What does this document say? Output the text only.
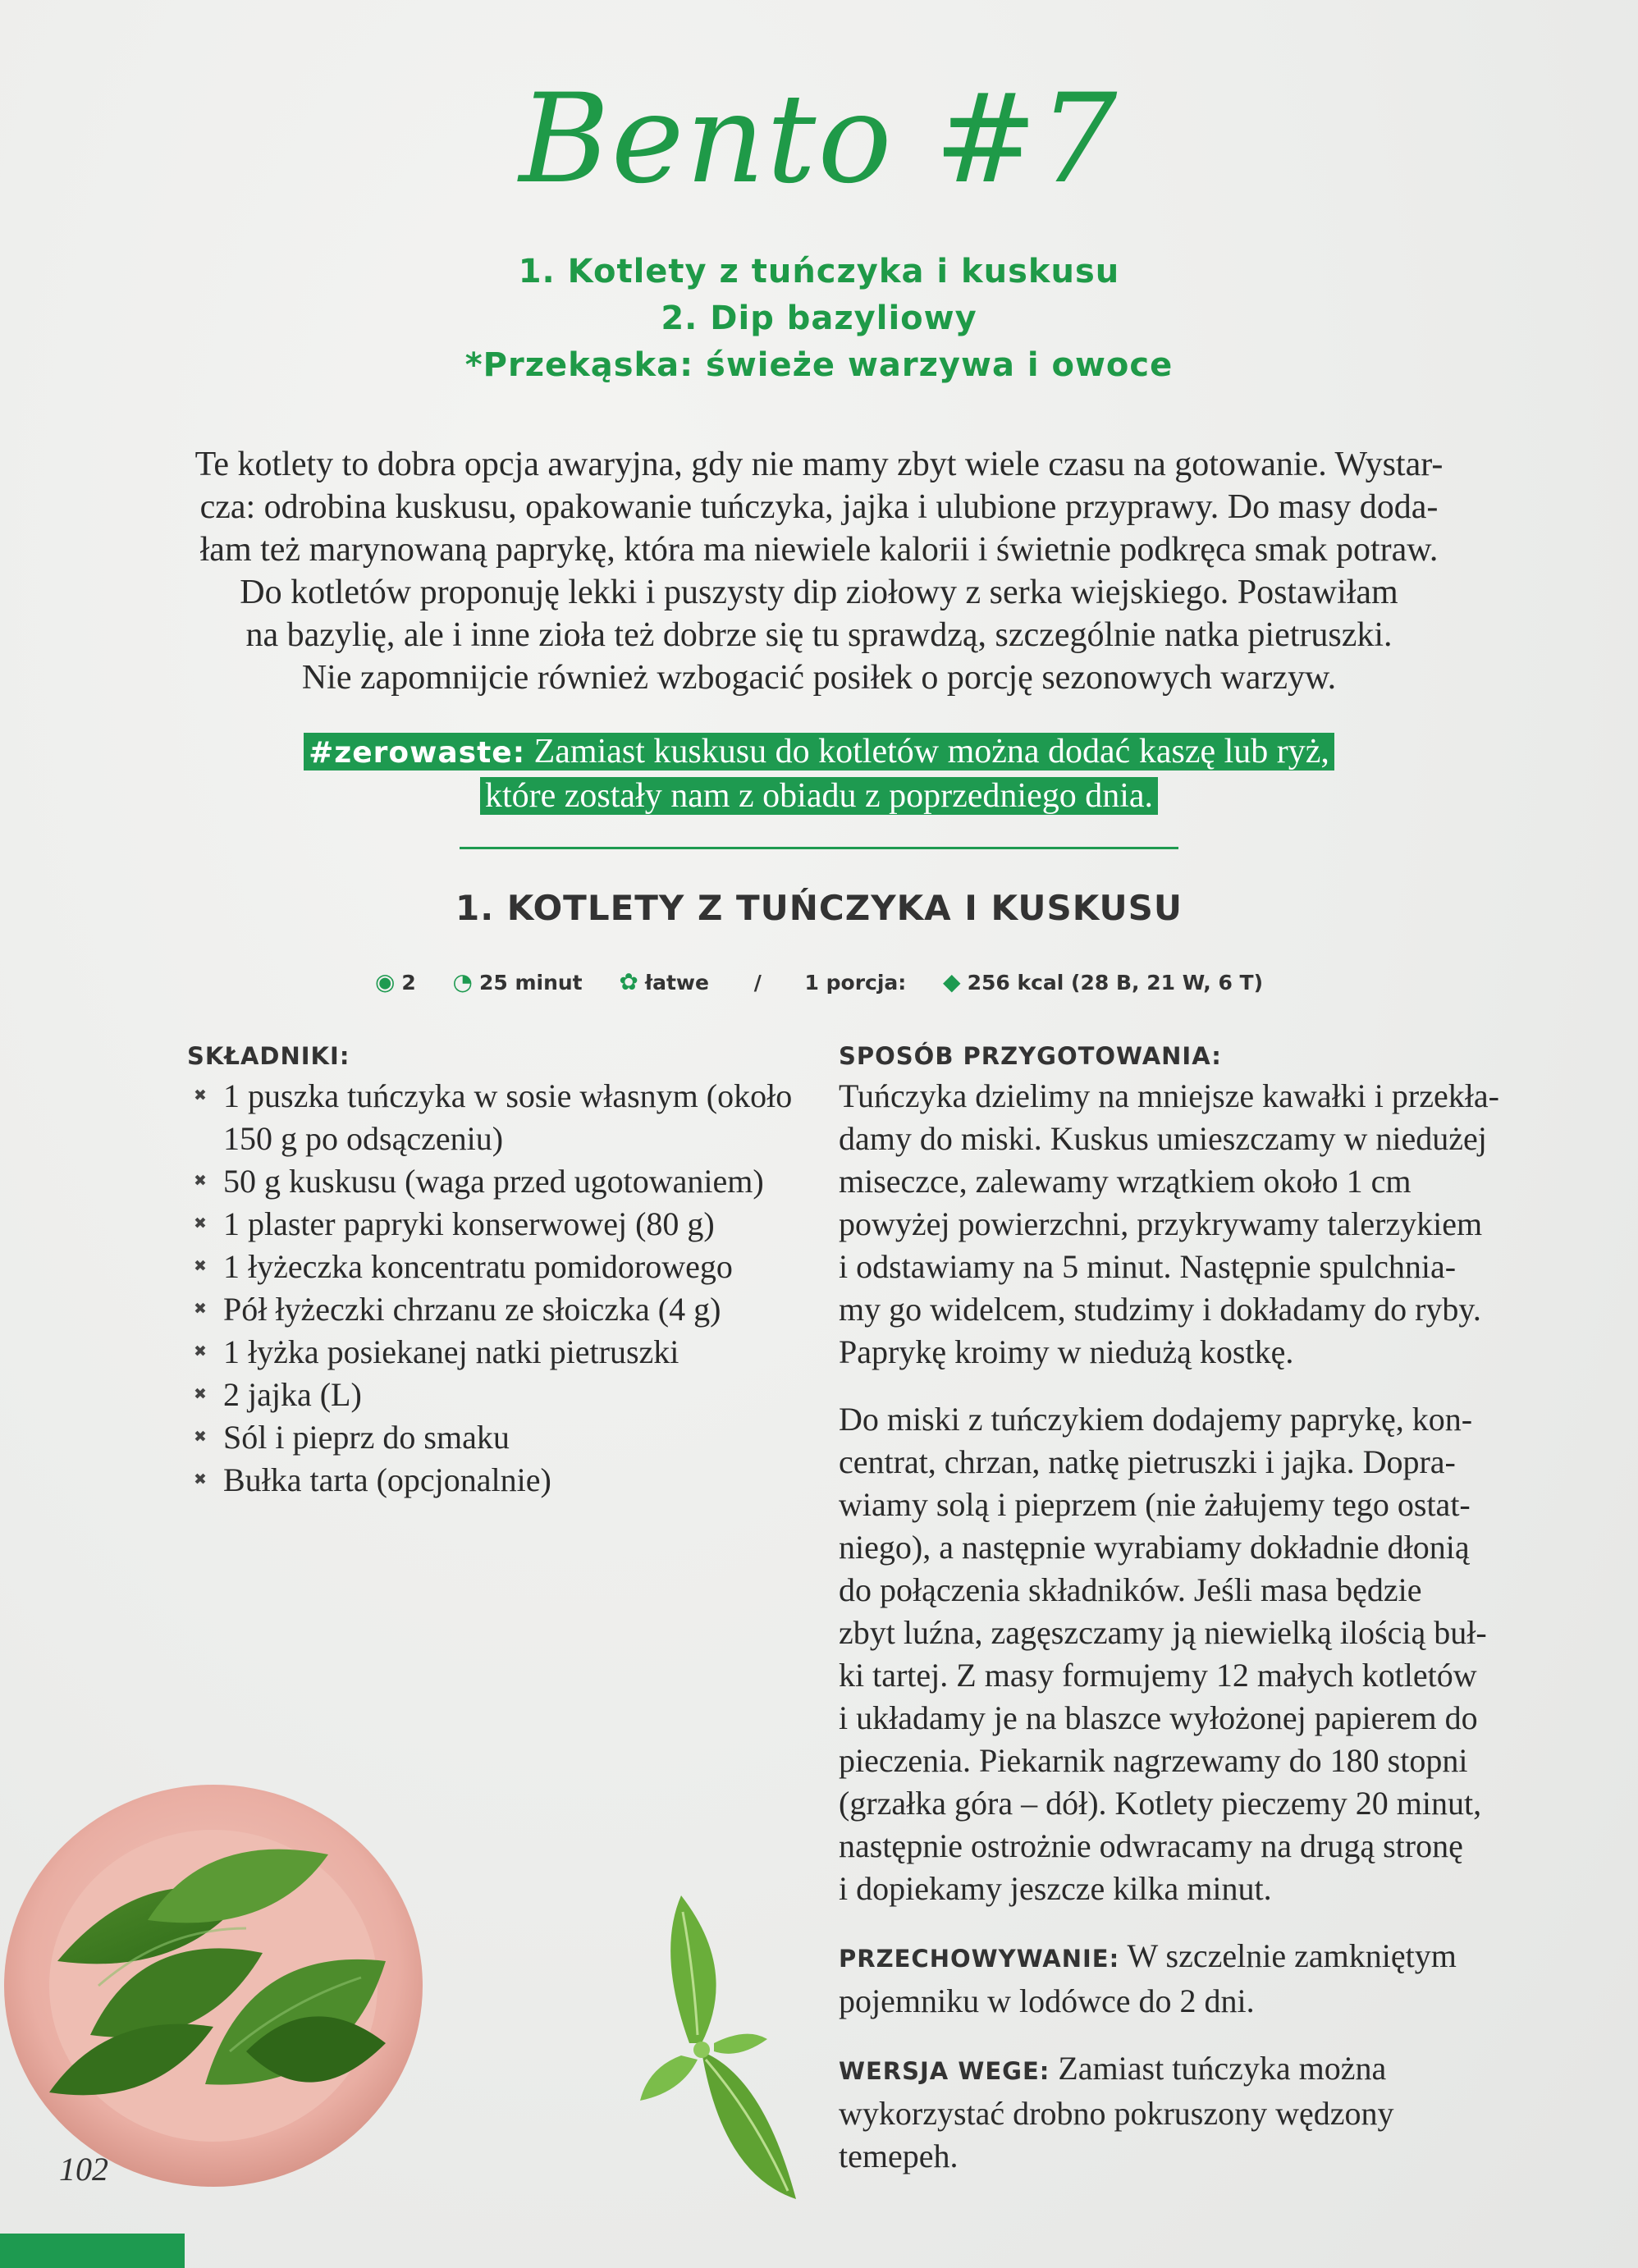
Bento #7
1. Kotlety z tuńczyka i kuskusu
2. Dip bazyliowy
*Przekąska: świeże warzywa i owoce
Te kotlety to dobra opcja awaryjna, gdy nie mamy zbyt wiele czasu na gotowanie. Wystar-
cza: odrobina kuskusu, opakowanie tuńczyka, jajka i ulubione przyprawy. Do masy doda-
łam też marynowaną paprykę, która ma niewiele kalorii i świetnie podkręca smak potraw.
Do kotletów proponuję lekki i puszysty dip ziołowy z serka wiejskiego. Postawiłam
na bazylię, ale i inne zioła też dobrze się tu sprawdzą, szczególnie natka pietruszki.
Nie zapomnijcie również wzbogacić posiłek o porcję sezonowych warzyw.
#zerowaste: Zamiast kuskusu do kotletów można dodać kaszę lub ryż,
które zostały nam z obiadu z poprzedniego dnia.
1. KOTLETY Z TUŃCZYKA I KUSKUSU
◉ 2 ◔ 25 minut ✿ łatwe / 1 porcja: ◆ 256 kcal (28 B, 21 W, 6 T)
SKŁADNIKI:
✖ 1 puszka tuńczyka w sosie własnym (około 150 g po odsączeniu)
✖ 50 g kuskusu (waga przed ugotowaniem)
✖ 1 plaster papryki konserwowej (80 g)
✖ 1 łyżeczka koncentratu pomidorowego
✖ Pół łyżeczki chrzanu ze słoiczka (4 g)
✖ 1 łyżka posiekanej natki pietruszki
✖ 2 jajka (L)
✖ Sól i pieprz do smaku
✖ Bułka tarta (opcjonalnie)
SPOSÓB PRZYGOTOWANIA:

Tuńczyka dzielimy na mniejsze kawałki i przekła-
damy do miski. Kuskus umieszczamy w niedużej
miseczce, zalewamy wrzątkiem około 1 cm
powyżej powierzchni, przykrywamy talerzykiem
i odstawiamy na 5 minut. Następnie spulchnia-
my go widelcem, studzimy i dokładamy do ryby.
Paprykę kroimy w niedużą kostkę.

Do miski z tuńczykiem dodajemy paprykę, kon-
centrat, chrzan, natkę pietruszki i jajka. Dopra-
wiamy solą i pieprzem (nie żałujemy tego ostat-
niego), a następnie wyrabiamy dokładnie dłonią
do połączenia składników. Jeśli masa będzie
zbyt luźna, zagęszczamy ją niewielką ilością buł-
ki tartej. Z masy formujemy 12 małych kotletów
i układamy je na blaszce wyłożonej papierem do
pieczenia. Piekarnik nagrzewamy do 180 stopni
(grzałka góra – dół). Kotlety pieczemy 20 minut,
następnie ostrożnie odwracamy na drugą stronę
i dopiekamy jeszcze kilka minut.

PRZECHOWYWANIE: W szczelnie zamkniętym
pojemniku w lodówce do 2 dni.

WERSJA WEGE: Zamiast tuńczyka można
wykorzystać drobno pokruszony wędzony
temepeh.

102
